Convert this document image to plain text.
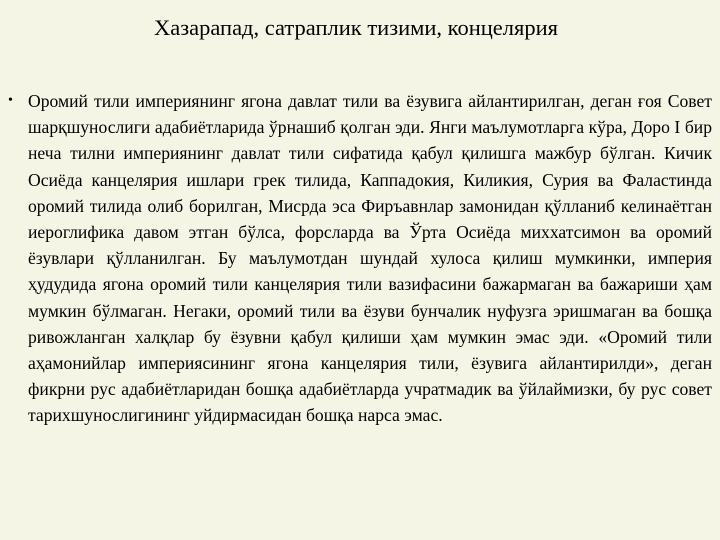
Хазарапад, сатраплик тизими, концелярия
• Оромий тили империянинг ягона давлат тили ва ёзувига айлантирилган, деган ғоя Совет шарқшунослиги адабиётларида ўрнашиб қолган эди. Янги маълумотларга кўра, Доро I бир неча тилни империянинг давлат тили сифатида қабул қилишга мажбур бўлган. Кичик Осиёда канцелярия ишлари грек тилида, Каппадокия, Киликия, Сурия ва Фаластинда оромий тилида олиб борилган, Мисрда эса Фиръавнлар замонидан қўлланиб келинаётган иероглифика давом этган бўлса, форсларда ва Ўрта Осиёда миххатсимон ва оромий ёзувлари қўлланилган. Бу маълумотдан шундай хулоса қилиш мумкинки, империя ҳудудида ягона оромий тили канцелярия тили вазифасини бажармаган ва бажариши ҳам мумкин бўлмаган. Негаки, оромий тили ва ёзуви бунчалик нуфузга эришмаган ва бошқа ривожланган халқлар бу ёзувни қабул қилиши ҳам мумкин эмас эди. «Оромий тили аҳамонийлар империясининг ягона канцелярия тили, ёзувига айлантирилди», деган фикрни рус адабиётларидан бошқа адабиётларда учратмадик ва ўйлаймизки, бу рус совет тарихшунослигининг уйдирмасидан бошқа нарса эмас.
